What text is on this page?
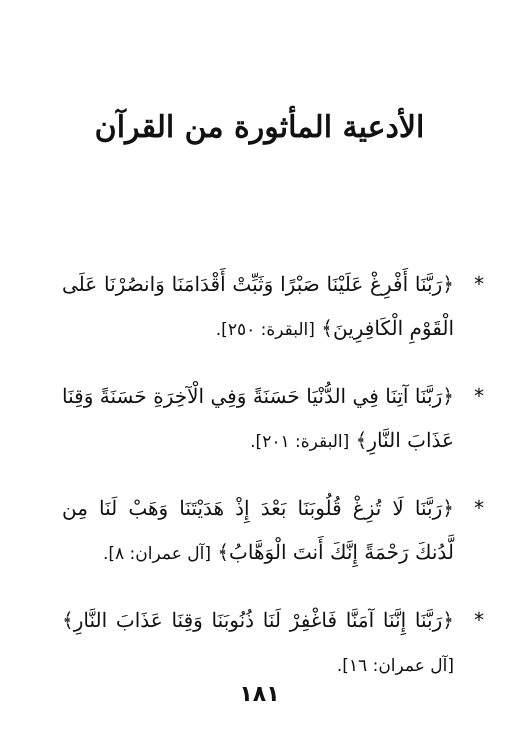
الأدعية المأثورة من القرآن
*
﴿رَبَّنَا أَفْرِغْ عَلَيْنَا صَبْرًا وَثَبِّتْ أَقْدَامَنَا وَانصُرْنَا عَلَى الْقَوْمِ الْكَافِرِينَ﴾ [البقرة: ٢٥٠].
*
﴿رَبَّنَا آتِنَا فِي الدُّنْيَا حَسَنَةً وَفِي الْآخِرَةِ حَسَنَةً وَقِنَا عَذَابَ النَّارِ﴾ [البقرة: ٢٠١].
*
﴿رَبَّنَا لَا تُزِغْ قُلُوبَنَا بَعْدَ إِذْ هَدَيْتَنَا وَهَبْ لَنَا مِن لَّدُنكَ رَحْمَةً إِنَّكَ أَنتَ الْوَهَّابُ﴾ [آل عمران: ٨].
*
﴿رَبَّنَا إِنَّنَا آمَنَّا فَاغْفِرْ لَنَا ذُنُوبَنَا وَقِنَا عَذَابَ النَّارِ﴾ [آل عمران: ١٦].
١٨١
